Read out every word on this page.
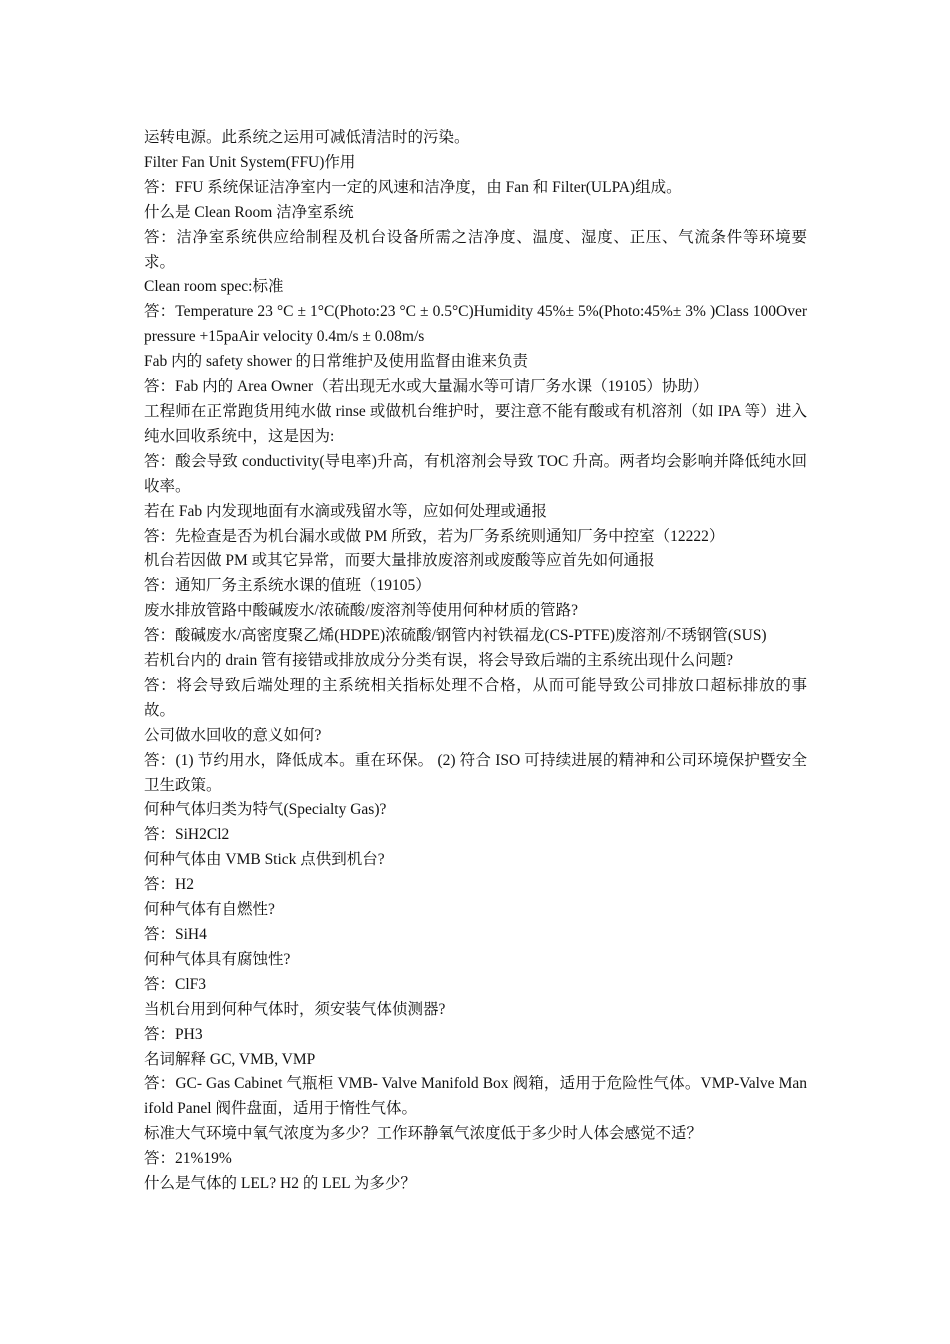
运转电源。此系统之运用可减低清洁时的污染。

Filter Fan Unit System(FFU)作用

答：FFU 系统保证洁净室内一定的风速和洁净度，由 Fan 和 Filter(ULPA)组成。

什么是 Clean Room 洁净室系统

答：洁净室系统供应给制程及机台设备所需之洁净度、温度、湿度、正压、气流条件等环境要求。

Clean room spec:标准

答：Temperature 23 °C ± 1°C(Photo:23 °C ± 0.5°C)Humidity 45%± 5%(Photo:45%± 3% )Class 100Overpressure +15paAir velocity 0.4m/s ± 0.08m/s

Fab 内的 safety shower 的日常维护及使用监督由谁来负责

答：Fab 内的 Area Owner（若出现无水或大量漏水等可请厂务水课（19105）协助）

工程师在正常跑货用纯水做 rinse 或做机台维护时，要注意不能有酸或有机溶剂（如 IPA 等）进入纯水回收系统中，这是因为:

答：酸会导致 conductivity(导电率)升高，有机溶剂会导致 TOC 升高。两者均会影响并降低纯水回收率。

若在 Fab 内发现地面有水滴或残留水等，应如何处理或通报

答：先检查是否为机台漏水或做 PM 所致，若为厂务系统则通知厂务中控室（12222）

机台若因做 PM 或其它异常，而要大量排放废溶剂或废酸等应首先如何通报

答：通知厂务主系统水课的值班（19105）

废水排放管路中酸碱废水/浓硫酸/废溶剂等使用何种材质的管路?

答：酸碱废水/高密度聚乙烯(HDPE)浓硫酸/钢管内衬铁福龙(CS-PTFE)废溶剂/不琇钢管(SUS)

若机台内的 drain 管有接错或排放成分分类有误，将会导致后端的主系统出现什么问题?

答：将会导致后端处理的主系统相关指标处理不合格，从而可能导致公司排放口超标排放的事故。

公司做水回收的意义如何?

答：(1) 节约用水，降低成本。重在环保。 (2) 符合 ISO 可持续进展的精神和公司环境保护暨安全卫生政策。

何种气体归类为特气(Specialty Gas)?

答：SiH2Cl2

何种气体由 VMB Stick 点供到机台?

答：H2

何种气体有自燃性?

答：SiH4

何种气体具有腐蚀性?

答：ClF3

当机台用到何种气体时，须安装气体侦测器?

答：PH3

名词解释 GC, VMB, VMP

答：GC- Gas Cabinet 气瓶柜 VMB- Valve Manifold Box 阀箱，适用于危险性气体。VMP-Valve Manifold Panel 阀件盘面，适用于惰性气体。

标准大气环境中氧气浓度为多少？工作环静氧气浓度低于多少时人体会感觉不适？

答：21%19%

什么是气体的 LEL? H2 的 LEL 为多少？
